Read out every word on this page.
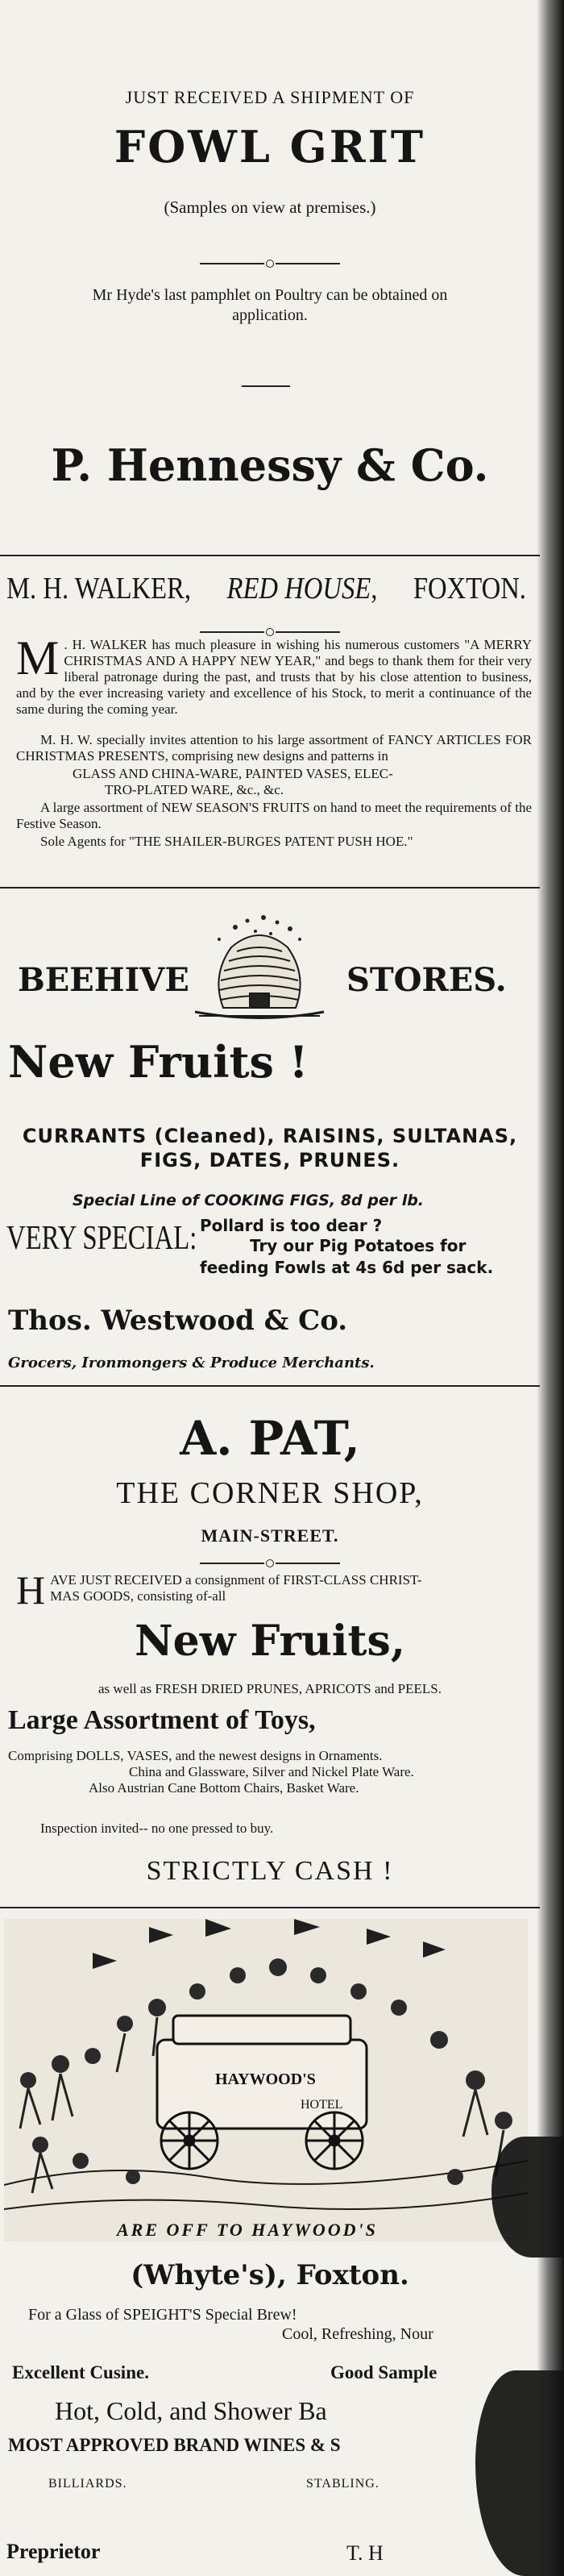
JUST RECEIVED A SHIPMENT OF
FOWL GRIT
(Samples on view at premises.)
Mr Hyde's last pamphlet on Poultry can be obtained on
application.
P. Hennessy & Co.
M. H. WALKER, RED HOUSE, FOXTON.
M . H. WALKER has much pleasure in wishing his numerous customers "A MERRY CHRISTMAS AND A HAPPY NEW YEAR," and begs to thank them for their very liberal patronage during the past, and trusts that by his close attention to business, and by the ever increasing variety and excellence of his Stock, to merit a continuance of the same during the coming year.
M. H. W. specially invites attention to his large assortment of FANCY ARTICLES FOR CHRISTMAS PRESENTS, comprising new designs and patterns in
GLASS AND CHINA-WARE, PAINTED VASES, ELEC-
TRO-PLATED WARE, &c., &c.
A large assortment of NEW SEASON'S FRUITS on hand to meet the requirements of the Festive Season.
Sole Agents for "THE SHAILER-BURGES PATENT PUSH HOE."
BEEHIVE	STORES.
New Fruits !
CURRANTS (Cleaned), RAISINS, SULTANAS,
FIGS, DATES, PRUNES.
Special Line of COOKING FIGS, 8d per lb.
VERY SPECIAL: Pollard is too dear ?
Try our Pig Potatoes for
feeding Fowls at 4s 6d per sack.
Thos. Westwood & Co.
Grocers, Ironmongers & Produce Merchants.
A. PAT,
THE CORNER SHOP,
MAIN-STREET.
HAVE JUST RECEIVED a consignment of FIRST-CLASS CHRIST-
MAS GOODS, consisting of-all
New Fruits,
as well as FRESH DRIED PRUNES, APRICOTS and PEELS.
Large Assortment of Toys,
Comprising DOLLS, VASES, and the newest designs in Ornaments.
China and Glassware, Silver and Nickel Plate Ware.
Also Austrian Cane Bottom Chairs, Basket Ware.
Inspection invited-- no one pressed to buy.
STRICTLY CASH !
HAYWOOD'S
HOTEL
ARE OFF TO HAYWOOD'S
(Whyte's), Foxton.
For a Glass of SPEIGHT'S Special Brew!
Cool, Refreshing, Nour
Excellent Cusine.	Good Sample
Hot, Cold, and Shower Ba
MOST APPROVED BRAND WINES & S
BILLIARDS.	STABLING.
Preprietor	T. H
